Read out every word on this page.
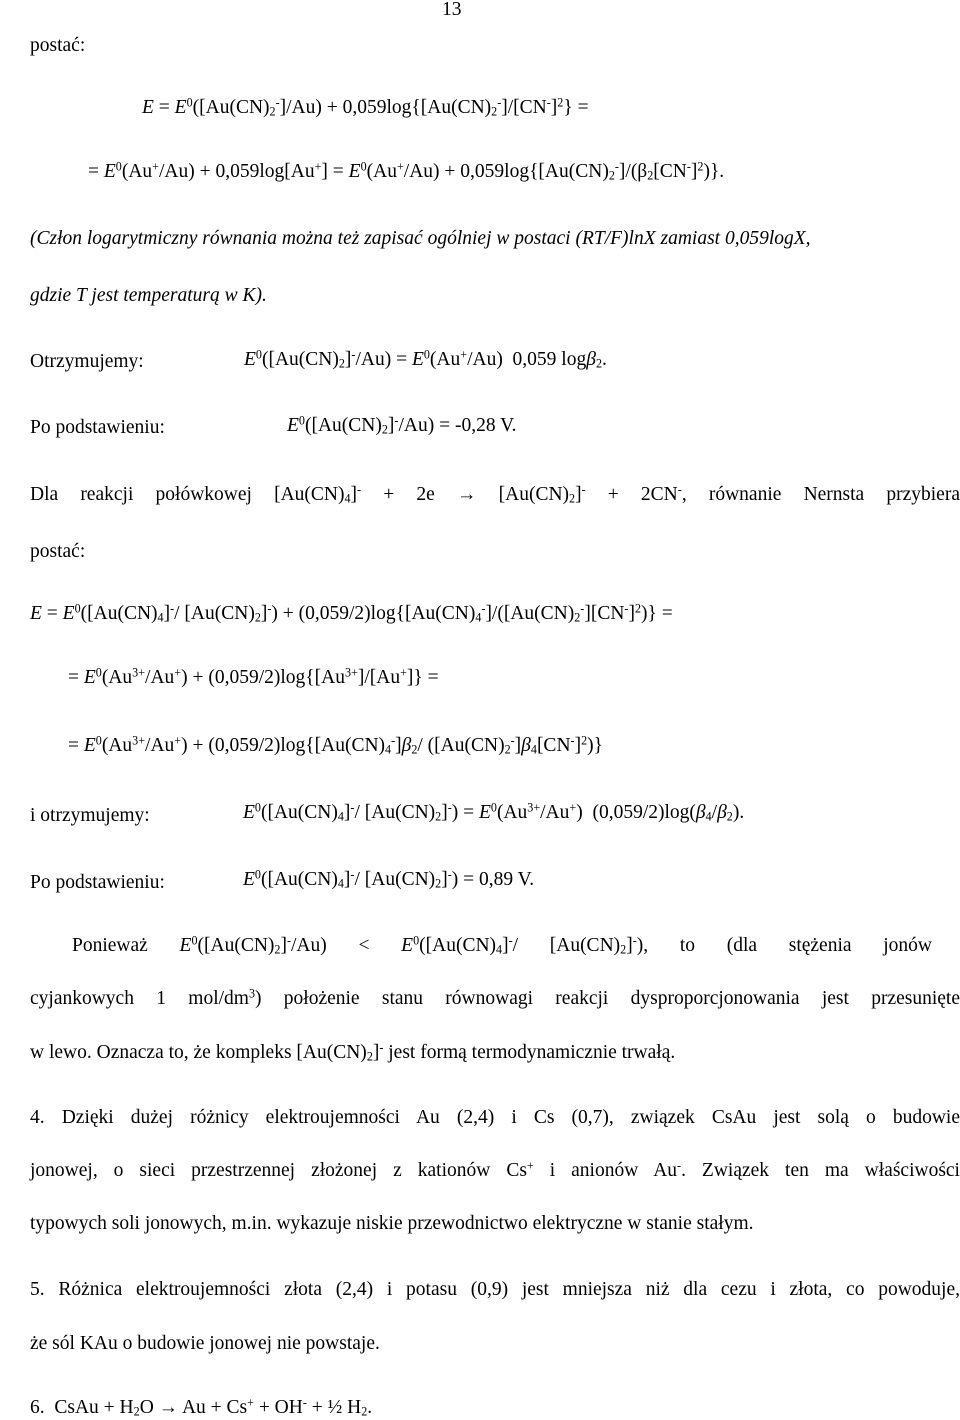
13
postać:
$E = E^0([Au(CN)_2^-]/Au) + 0,059\log\{[Au(CN)_2^-]/[CN^-]^2\}$ =
= $E^0(Au^+/Au) + 0,059\log[Au^+] = E^0(Au^+/Au) + 0,059\log\{[Au(CN)_2^-]/(\beta_2[CN^-]^2)\}$.
(Człon logarytmiczny równania można też zapisać ogólniej w postaci (RT/F)lnX zamiast 0,059logX,
gdzie T jest temperaturą w K).
Otrzymujemy:	$E^0([Au(CN)_2]^-/Au) = E^0(Au^+/Au)$  0,059 logβ$_2$.
Po podstawieniu:	$E^0([Au(CN)_2]^-/Au) = -0,28$ V.
Dla reakcji połówkowej $[Au(CN)_4]^- + 2e \to [Au(CN)_2]^- + 2CN^-$, równanie Nernsta przybiera
postać:
$E = E^0([Au(CN)_4]^-/$ $[Au(CN)_2]^-) + (0,059/2)\log\{[Au(CN)_4^-]/([Au(CN)_2^-][CN^-]^2)\}$ =
= $E^0(Au^{3+}/Au^+) + (0,059/2)\log\{[Au^{3+}]/[Au^+]\}$ =
= $E^0(Au^{3+}/Au^+) + (0,059/2)\log\{[Au(CN)_4^-]\beta_2/$ $([Au(CN)_2^-]\beta_4[CN^-]^2)$}
i otrzymujemy:	$E^0([Au(CN)_4]^-/$ $[Au(CN)_2]^-) = E^0(Au^{3+}/Au^+)$  $(0,059/2)\log(\beta_4/\beta_2)$.
Po podstawieniu:	$E^0([Au(CN)_4]^-/$ $[Au(CN)_2]^-) = 0,89$ V.
Ponieważ $E^0([Au(CN)_2]^-/Au) < E^0([Au(CN)_4]^-/$ $[Au(CN)_2]^-$), to (dla stężenia jonów
cyjankowych 1 mol/$dm^3$) położenie stanu równowagi reakcji dysproporcjonowania jest przesunięte
w lewo. Oznacza to, że kompleks $[Au(CN)_2]^-$ jest formą termodynamicznie trwałą.
4. Dzięki dużej różnicy elektroujemności Au (2,4) i Cs (0,7), związek CsAu jest solą o budowie
jonowej, o sieci przestrzennej złożonej z kationów Cs+ i anionów Au-. Związek ten ma właściwości
typowych soli jonowych, m.in. wykazuje niskie przewodnictwo elektryczne w stanie stałym.
5. Różnica elektroujemności złota (2,4) i potasu (0,9) jest mniejsza niż dla cezu i złota, co powoduje,
że sól KAu o budowie jonowej nie powstaje.
6.  CsAu + $H_2O \to Au + Cs^+ + OH^-$ + ½ $H_2$.
